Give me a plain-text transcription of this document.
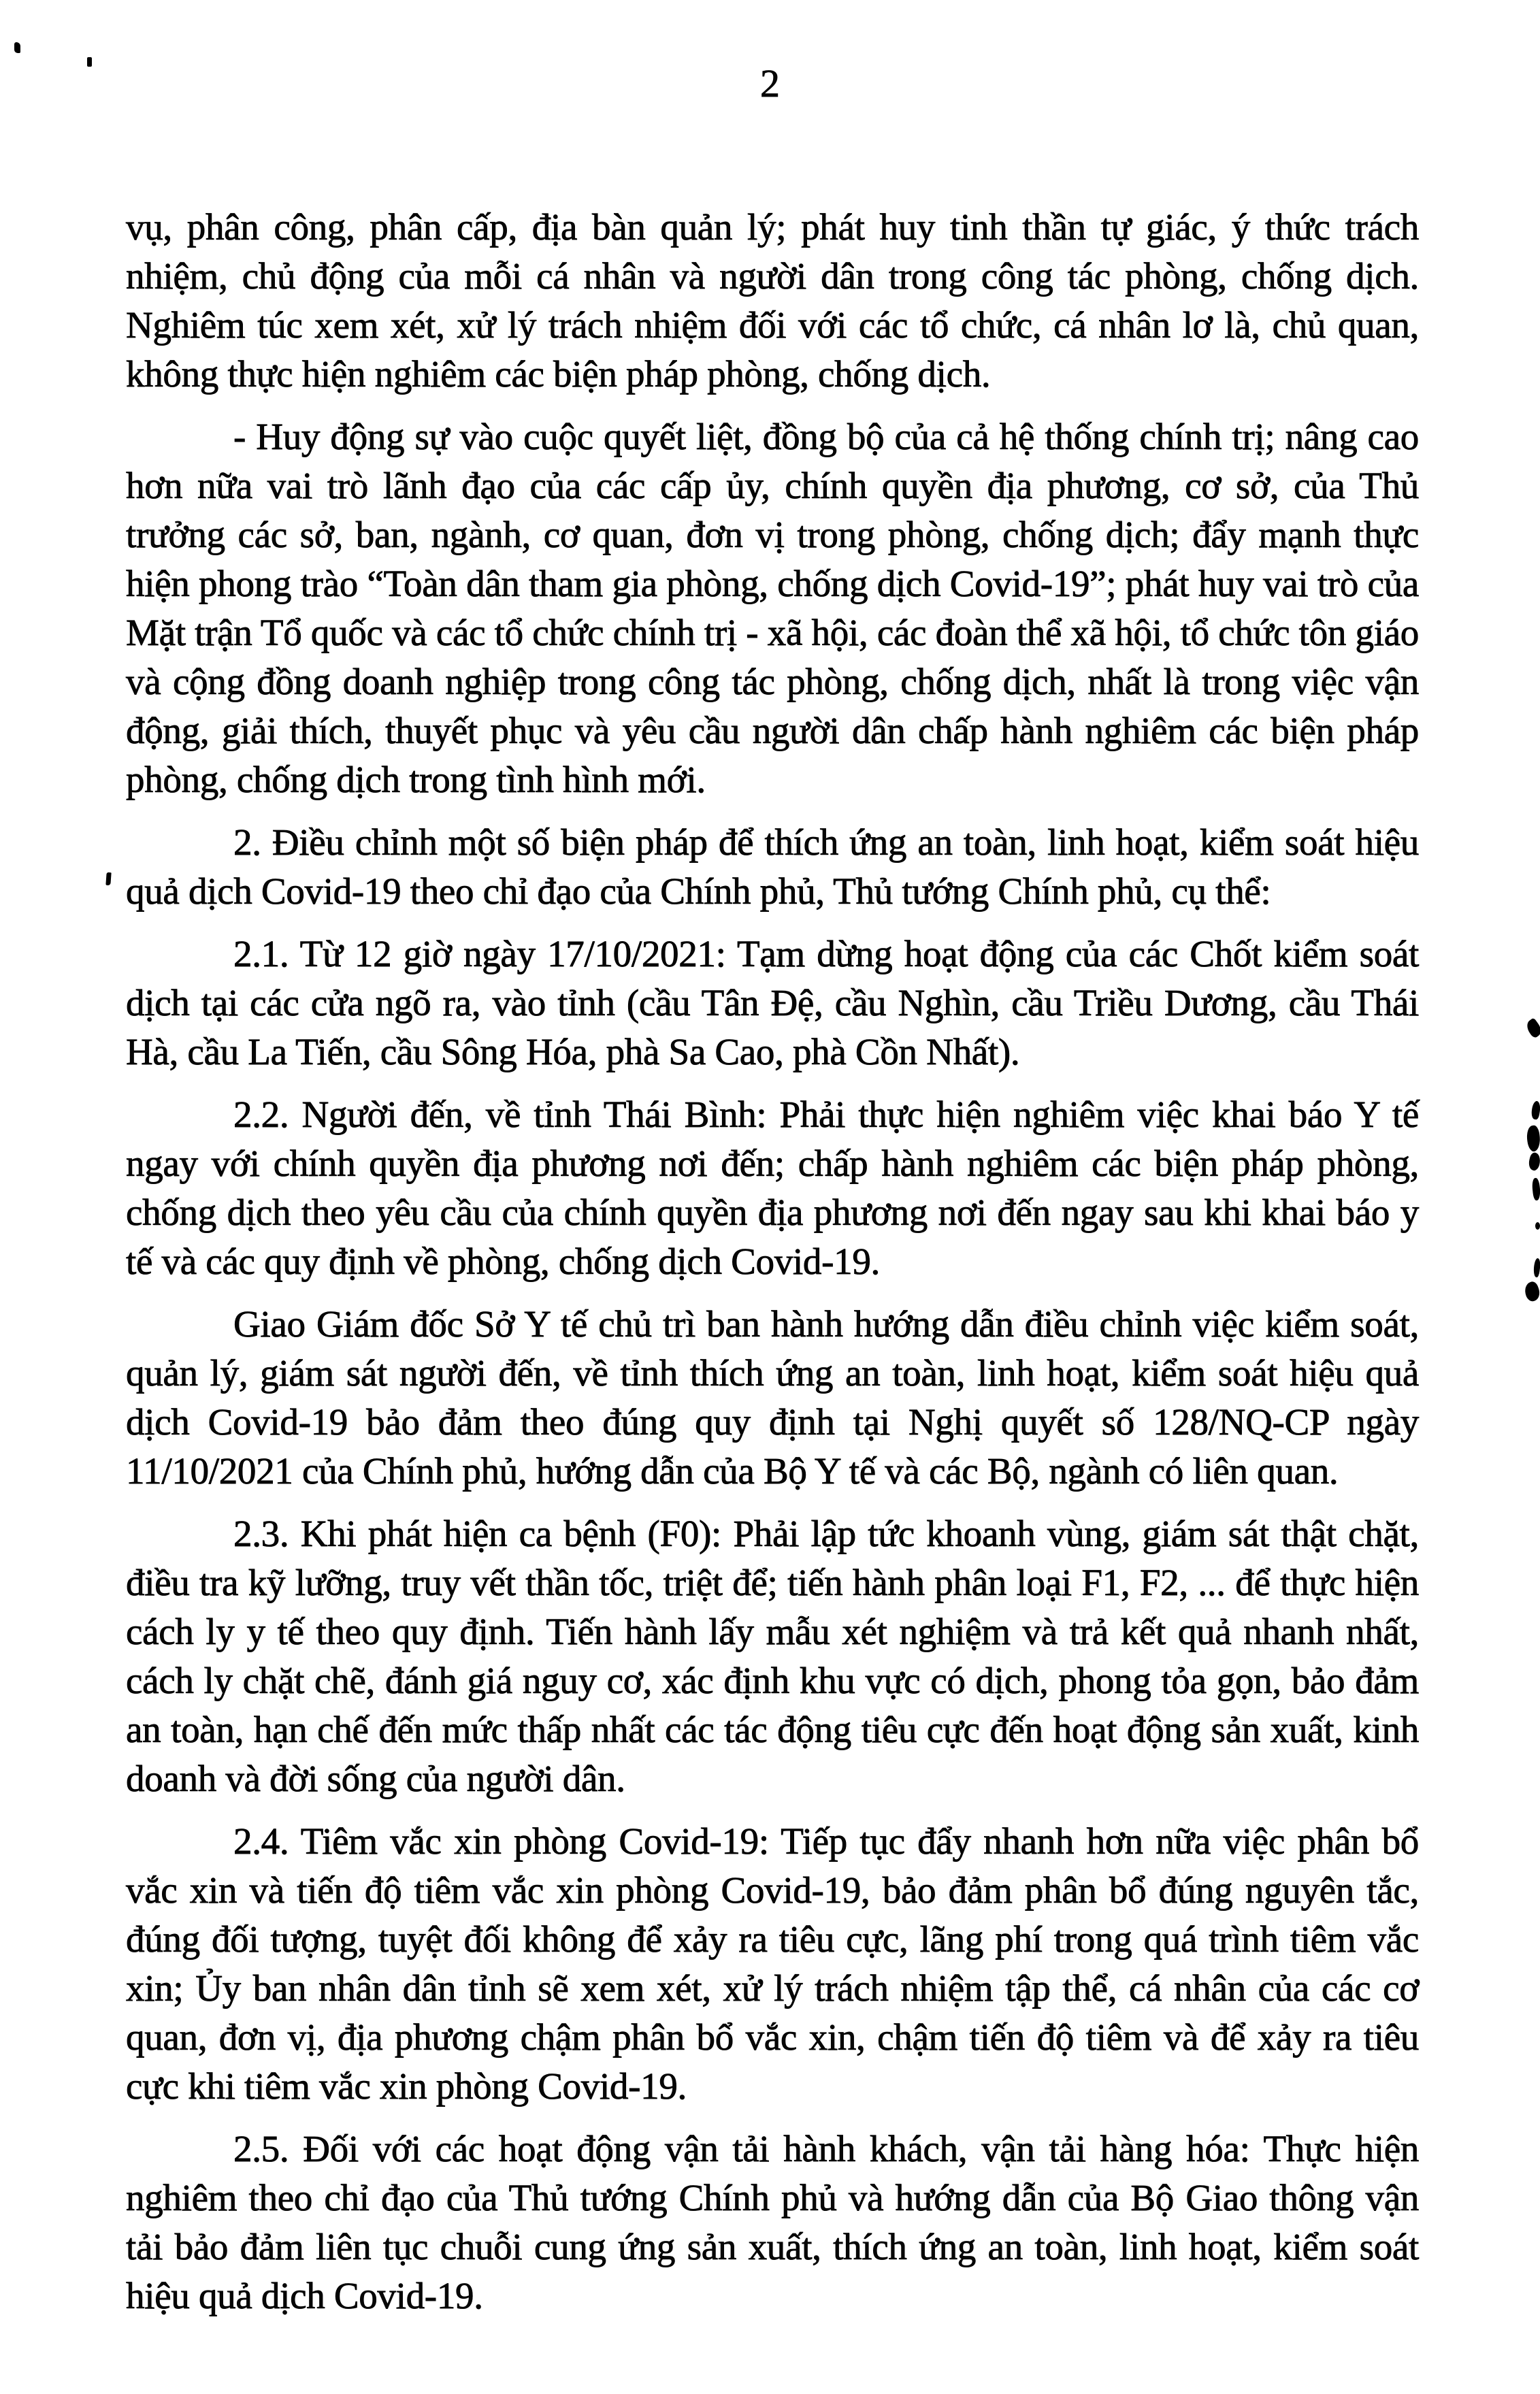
2

vụ, phân công, phân cấp, địa bàn quản lý; phát huy tinh thần tự giác, ý thức trách nhiệm, chủ động của mỗi cá nhân và người dân trong công tác phòng, chống dịch. Nghiêm túc xem xét, xử lý trách nhiệm đối với các tổ chức, cá nhân lơ là, chủ quan, không thực hiện nghiêm các biện pháp phòng, chống dịch.

- Huy động sự vào cuộc quyết liệt, đồng bộ của cả hệ thống chính trị; nâng cao hơn nữa vai trò lãnh đạo của các cấp ủy, chính quyền địa phương, cơ sở, của Thủ trưởng các sở, ban, ngành, cơ quan, đơn vị trong phòng, chống dịch; đẩy mạnh thực hiện phong trào “Toàn dân tham gia phòng, chống dịch Covid-19”; phát huy vai trò của Mặt trận Tổ quốc và các tổ chức chính trị - xã hội, các đoàn thể xã hội, tổ chức tôn giáo và cộng đồng doanh nghiệp trong công tác phòng, chống dịch, nhất là trong việc vận động, giải thích, thuyết phục và yêu cầu người dân chấp hành nghiêm các biện pháp phòng, chống dịch trong tình hình mới.

2. Điều chỉnh một số biện pháp để thích ứng an toàn, linh hoạt, kiểm soát hiệu quả dịch Covid-19 theo chỉ đạo của Chính phủ, Thủ tướng Chính phủ, cụ thể:

2.1. Từ 12 giờ ngày 17/10/2021: Tạm dừng hoạt động của các Chốt kiểm soát dịch tại các cửa ngõ ra, vào tỉnh (cầu Tân Đệ, cầu Nghìn, cầu Triều Dương, cầu Thái Hà, cầu La Tiến, cầu Sông Hóa, phà Sa Cao, phà Cồn Nhất).

2.2. Người đến, về tỉnh Thái Bình: Phải thực hiện nghiêm việc khai báo Y tế ngay với chính quyền địa phương nơi đến; chấp hành nghiêm các biện pháp phòng, chống dịch theo yêu cầu của chính quyền địa phương nơi đến ngay sau khi khai báo y tế và các quy định về phòng, chống dịch Covid-19.

Giao Giám đốc Sở Y tế chủ trì ban hành hướng dẫn điều chỉnh việc kiểm soát, quản lý, giám sát người đến, về tỉnh thích ứng an toàn, linh hoạt, kiểm soát hiệu quả dịch Covid-19 bảo đảm theo đúng quy định tại Nghị quyết số 128/NQ-CP ngày 11/10/2021 của Chính phủ, hướng dẫn của Bộ Y tế và các Bộ, ngành có liên quan.

2.3. Khi phát hiện ca bệnh (F0): Phải lập tức khoanh vùng, giám sát thật chặt, điều tra kỹ lưỡng, truy vết thần tốc, triệt để; tiến hành phân loại F1, F2, ... để thực hiện cách ly y tế theo quy định. Tiến hành lấy mẫu xét nghiệm và trả kết quả nhanh nhất, cách ly chặt chẽ, đánh giá nguy cơ, xác định khu vực có dịch, phong tỏa gọn, bảo đảm an toàn, hạn chế đến mức thấp nhất các tác động tiêu cực đến hoạt động sản xuất, kinh doanh và đời sống của người dân.

2.4. Tiêm vắc xin phòng Covid-19: Tiếp tục đẩy nhanh hơn nữa việc phân bổ vắc xin và tiến độ tiêm vắc xin phòng Covid-19, bảo đảm phân bổ đúng nguyên tắc, đúng đối tượng, tuyệt đối không để xảy ra tiêu cực, lãng phí trong quá trình tiêm vắc xin; Ủy ban nhân dân tỉnh sẽ xem xét, xử lý trách nhiệm tập thể, cá nhân của các cơ quan, đơn vị, địa phương chậm phân bổ vắc xin, chậm tiến độ tiêm và để xảy ra tiêu cực khi tiêm vắc xin phòng Covid-19.

2.5. Đối với các hoạt động vận tải hành khách, vận tải hàng hóa: Thực hiện nghiêm theo chỉ đạo của Thủ tướng Chính phủ và hướng dẫn của Bộ Giao thông vận tải bảo đảm liên tục chuỗi cung ứng sản xuất, thích ứng an toàn, linh hoạt, kiểm soát hiệu quả dịch Covid-19.
